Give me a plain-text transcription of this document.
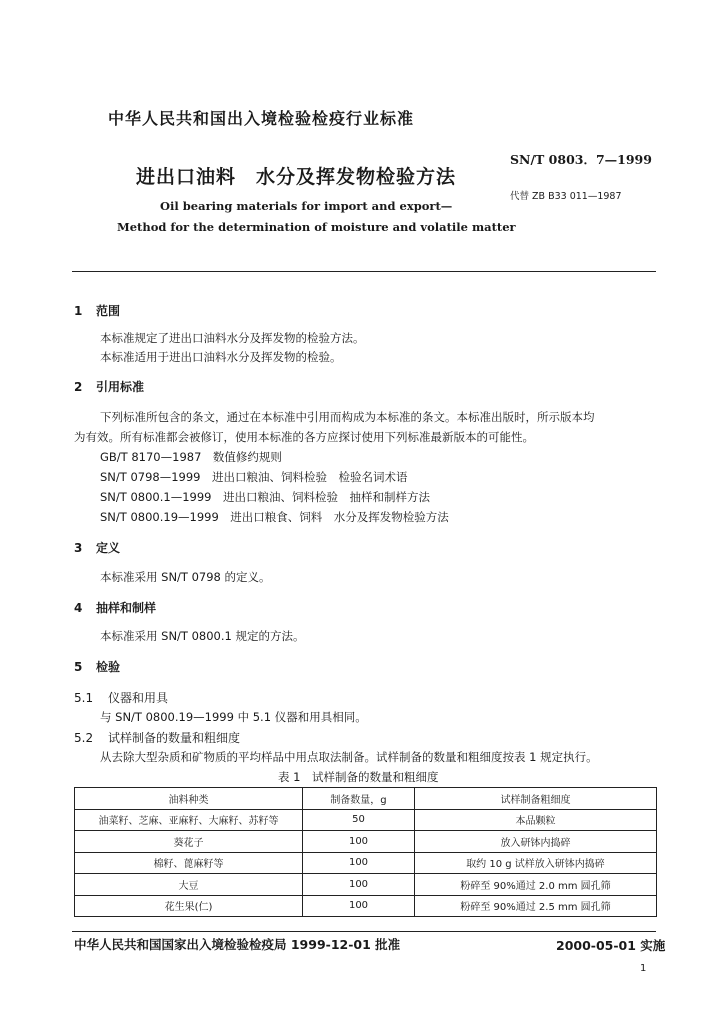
中华人民共和国出入境检验检疫行业标准
SN/T 0803．7—1999
进出口油料　水分及挥发物检验方法
代替 ZB B33 011—1987
Oil bearing materials for import and export—
Method for the determination of moisture and volatile matter
1 范围
本标准规定了进出口油料水分及挥发物的检验方法。
本标准适用于进出口油料水分及挥发物的检验。
2 引用标准
下列标准所包含的条文，通过在本标准中引用而构成为本标准的条文。本标准出版时，所示版本均
为有效。所有标准都会被修订，使用本标准的各方应探讨使用下列标准最新版本的可能性。
GB/T 8170—1987　数值修约规则
SN/T 0798—1999　进出口粮油、饲料检验　检验名词术语
SN/T 0800.1—1999　进出口粮油、饲料检验　抽样和制样方法
SN/T 0800.19—1999　进出口粮食、饲料　水分及挥发物检验方法
3 定义
本标准采用 SN/T 0798 的定义。
4 抽样和制样
本标准采用 SN/T 0800.1 规定的方法。
5 检验
5.1 仪器和用具
与 SN/T 0800.19—1999 中 5.1 仪器和用具相同。
5.2 试样制备的数量和粗细度
从去除大型杂质和矿物质的平均样品中用点取法制备。试样制备的数量和粗细度按表 1 规定执行。
表 1　试样制备的数量和粗细度
油料种类	制备数量，g	试样制备粗细度
油菜籽、芝麻、亚麻籽、大麻籽、苏籽等	50	本品颗粒
葵花子	100	放入研钵内捣碎
棉籽、蓖麻籽等	100	取约 10 g 试样放入研钵内捣碎
大豆	100	粉碎至 90%通过 2.0 mm 圆孔筛
花生果(仁)	100	粉碎至 90%通过 2.5 mm 圆孔筛
中华人民共和国国家出入境检验检疫局 1999-12-01 批准	2000-05-01 实施
1
